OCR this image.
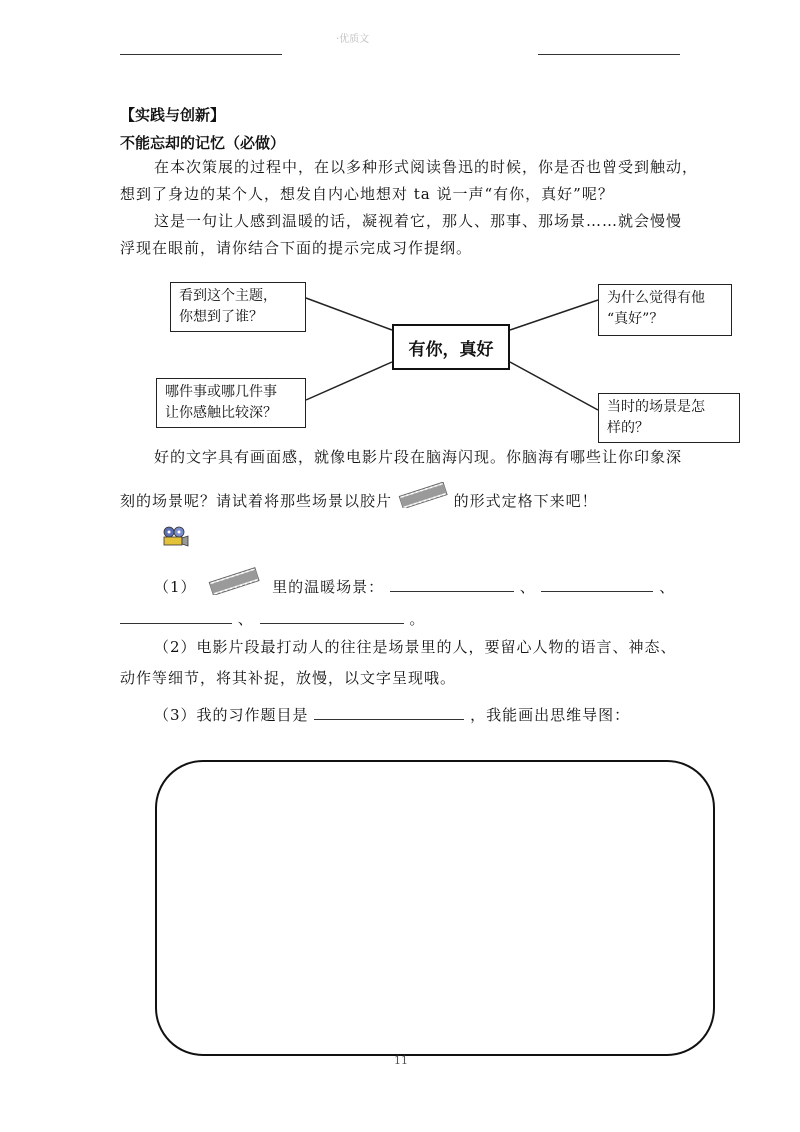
·优质文
【实践与创新】
不能忘却的记忆（必做）
在本次策展的过程中，在以多种形式阅读鲁迅的时候，你是否也曾受到触动，
想到了身边的某个人，想发自内心地想对 ta 说一声“有你，真好”呢？
这是一句让人感到温暖的话，凝视着它，那人、那事、那场景……就会慢慢
浮现在眼前，请你结合下面的提示完成习作提纲。
看到这个主题，
你想到了谁？
哪件事或哪几件事
让你感触比较深？
有你，真好
为什么觉得有他
“真好”？
当时的场景是怎
样的？
好的文字具有画面感，就像电影片段在脑海闪现。你脑海有哪些让你印象深
刻的场景呢？请试着将那些场景以胶片	的形式定格下来吧！
（1）	里的温暖场景：	、	、
、	。
（2）电影片段最打动人的往往是场景里的人，要留心人物的语言、神态、
动作等细节，将其补捉，放慢，以文字呈现哦。
（3）我的习作题目是	，我能画出思维导图：
11
